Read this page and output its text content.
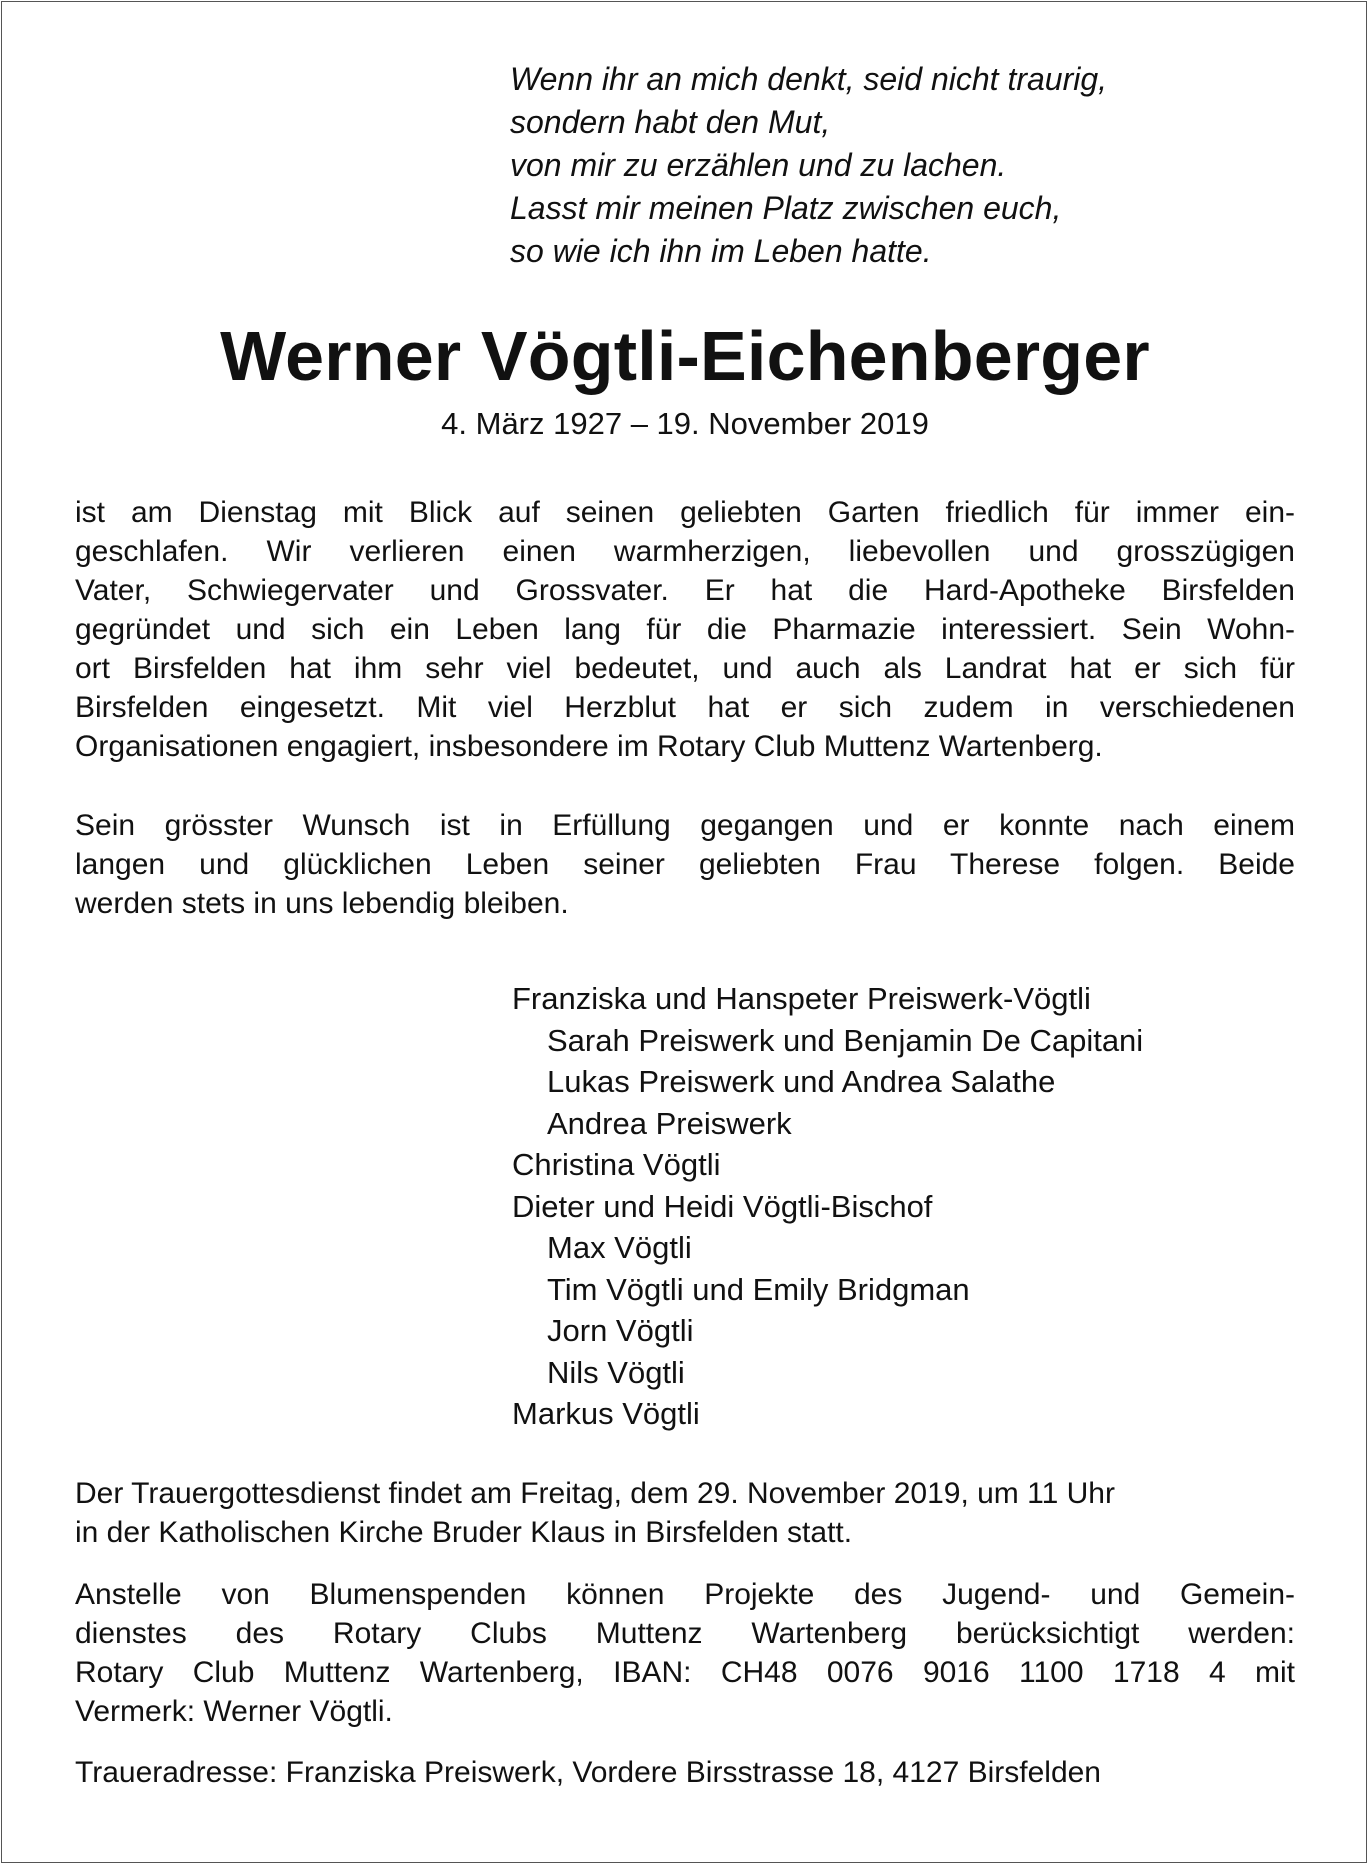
Wenn ihr an mich denkt, seid nicht traurig,
sondern habt den Mut,
von mir zu erzählen und zu lachen.
Lasst mir meinen Platz zwischen euch,
so wie ich ihn im Leben hatte.
Werner Vögtli-Eichenberger
4. März 1927 – 19. November 2019
ist am Dienstag mit Blick auf seinen geliebten Garten friedlich für immer ein-
geschlafen. Wir verlieren einen warmherzigen, liebevollen und grosszügigen
Vater, Schwiegervater und Grossvater. Er hat die Hard-Apotheke Birsfelden
gegründet und sich ein Leben lang für die Pharmazie interessiert. Sein Wohn-
ort Birsfelden hat ihm sehr viel bedeutet, und auch als Landrat hat er sich für
Birsfelden eingesetzt. Mit viel Herzblut hat er sich zudem in verschiedenen
Organisationen engagiert, insbesondere im Rotary Club Muttenz Wartenberg.
Sein grösster Wunsch ist in Erfüllung gegangen und er konnte nach einem
langen und glücklichen Leben seiner geliebten Frau Therese folgen. Beide
werden stets in uns lebendig bleiben.
Franziska und Hanspeter Preiswerk-Vögtli
Sarah Preiswerk und Benjamin De Capitani
Lukas Preiswerk und Andrea Salathe
Andrea Preiswerk
Christina Vögtli
Dieter und Heidi Vögtli-Bischof
Max Vögtli
Tim Vögtli und Emily Bridgman
Jorn Vögtli
Nils Vögtli
Markus Vögtli
Der Trauergottesdienst findet am Freitag, dem 29. November 2019, um 11 Uhr
in der Katholischen Kirche Bruder Klaus in Birsfelden statt.
Anstelle von Blumenspenden können Projekte des Jugend- und Gemein-
dienstes des Rotary Clubs Muttenz Wartenberg berücksichtigt werden:
Rotary Club Muttenz Wartenberg, IBAN: CH48 0076 9016 1100 1718 4 mit
Vermerk: Werner Vögtli.
Traueradresse: Franziska Preiswerk, Vordere Birsstrasse 18, 4127 Birsfelden
